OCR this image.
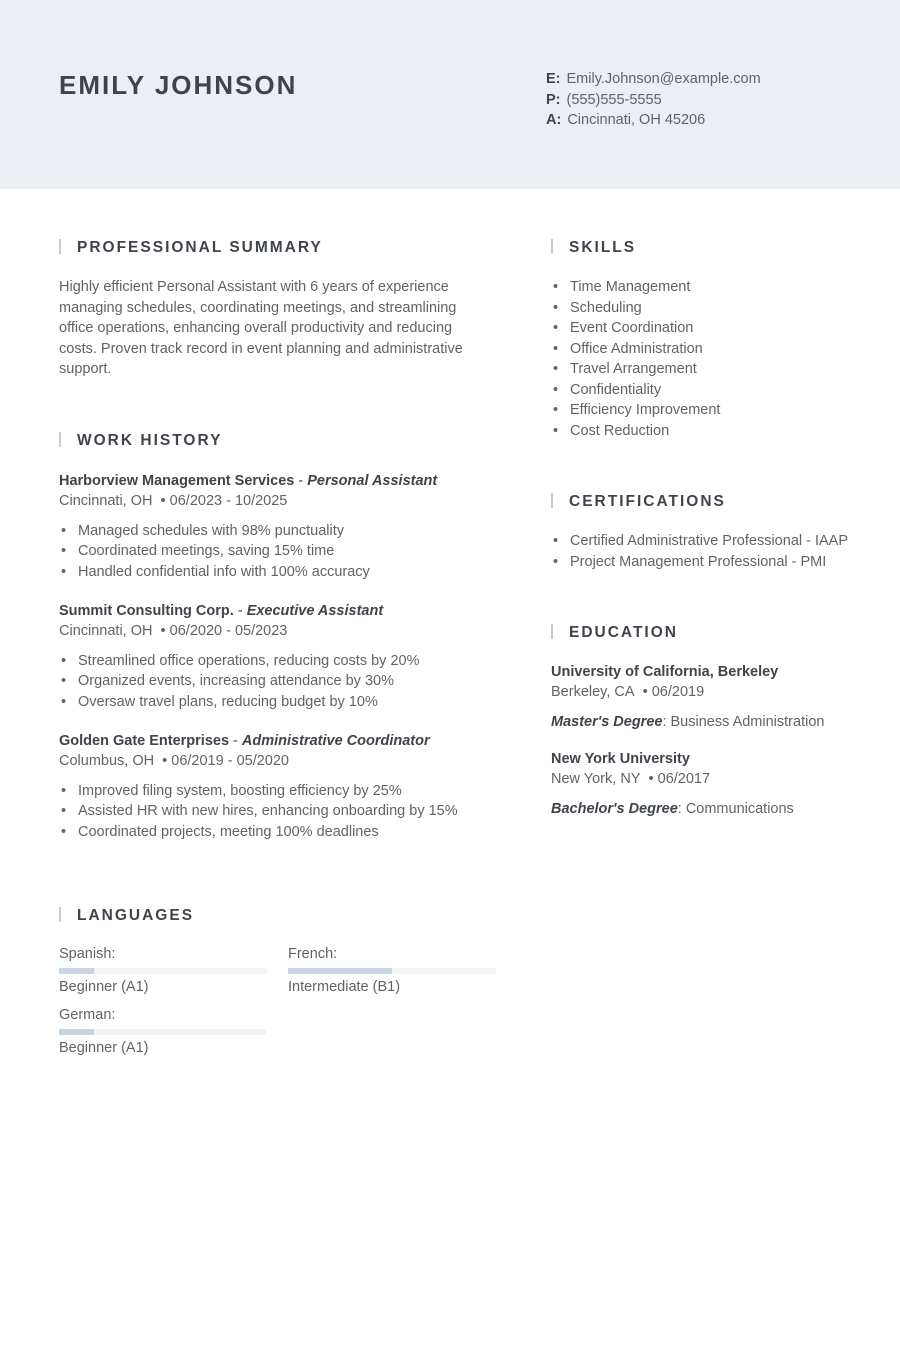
EMILY JOHNSON	E: Emily.Johnson@example.com
P: (555)555-5555
A: Cincinnati, OH 45206
PROFESSIONAL SUMMARY

Highly efficient Personal Assistant with 6 years of experience managing schedules, coordinating meetings, and streamlining office operations, enhancing overall productivity and reducing costs. Proven track record in event planning and administrative support.

WORK HISTORY
Harborview Management Services - Personal Assistant
Cincinnati, OH • 06/2023 - 10/2025
• Managed schedules with 98% punctuality
• Coordinated meetings, saving 15% time
• Handled confidential info with 100% accuracy
Summit Consulting Corp. - Executive Assistant
Cincinnati, OH • 06/2020 - 05/2023
• Streamlined office operations, reducing costs by 20%
• Organized events, increasing attendance by 30%
• Oversaw travel plans, reducing budget by 10%
Golden Gate Enterprises - Administrative Coordinator
Columbus, OH • 06/2019 - 05/2020
• Improved filing system, boosting efficiency by 25%
• Assisted HR with new hires, enhancing onboarding by 15%
• Coordinated projects, meeting 100% deadlines
LANGUAGES
Spanish:
Beginner (A1)
French:
Intermediate (B1)
German:
Beginner (A1)
SKILLS
• Time Management
• Scheduling
• Event Coordination
• Office Administration
• Travel Arrangement
• Confidentiality
• Efficiency Improvement
• Cost Reduction
CERTIFICATIONS
• Certified Administrative Professional - IAAP
• Project Management Professional - PMI
EDUCATION
University of California, Berkeley
Berkeley, CA • 06/2019
Master's Degree: Business Administration
New York University
New York, NY • 06/2017
Bachelor's Degree: Communications
